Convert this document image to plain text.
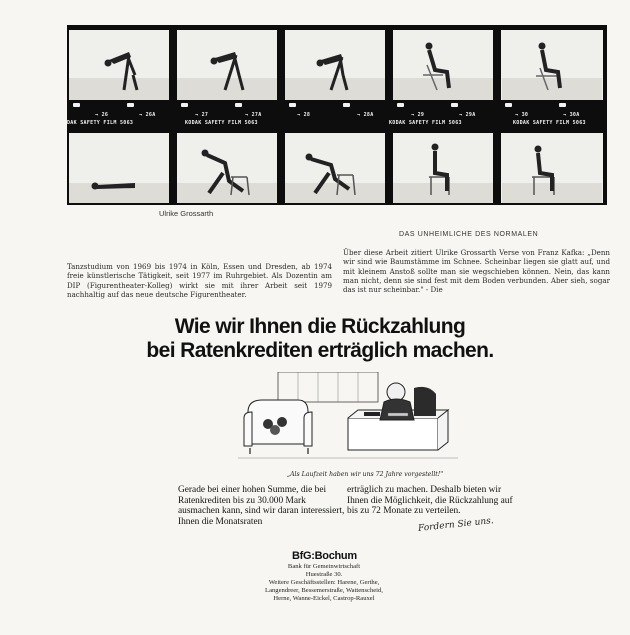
→ 26	→ 26A	→ 27	→ 27A	→ 28	→ 28A	→ 29	→ 29A	→ 30	→ 30A
DAK SAFETY FILM 5063	KODAK SAFETY FILM 5063	KODAK SAFETY FILM 5063	KODAK SAFETY FILM 5063
Ulrike Grossarth
DAS UNHEIMLICHE DES NORMALEN
Tanzstudium von 1969 bis 1974 in Köln, Essen und Dresden, ab 1974 freie künstlerische Tätigkeit, seit 1977 im Ruhrgebiet. Als Dozentin am DIP (Figurentheater-Kolleg) wirkt sie mit ihrer Arbeit seit 1979 nachhaltig auf das neue deutsche Figurentheater.
Über diese Arbeit zitiert Ulrike Grossarth Verse von Franz Kafka: „Denn wir sind wie Baumstämme im Schnee. Scheinbar liegen sie glatt auf, und mit kleinem Anstoß sollte man sie wegschieben können. Nein, das kann man nicht, denn sie sind fest mit dem Boden verbunden. Aber sieh, sogar das ist nur scheinbar." - Die
Wie wir Ihnen die Rückzahlung
bei Ratenkrediten erträglich machen.
„Als Laufzeit haben wir uns 72 Jahre vorgestellt!"
Gerade bei einer hohen Summe, die bei Ratenkrediten bis zu 30.000 Mark ausmachen kann, sind wir daran interessiert, Ihnen die Monatsraten
erträglich zu machen. Deshalb bieten wir Ihnen die Möglichkeit, die Rückzahlung auf bis zu 72 Monate zu verteilen.
Fordern Sie uns.
BfG:Bochum
Bank für Gemeinwirtschaft
Huestraße 30.
Weitere Geschäftsstellen: Harene, Gerthe,
Langendreer, Bessemerstraße, Wattenscheid,
Herne, Wanne-Eickel, Castrop-Rauxel
